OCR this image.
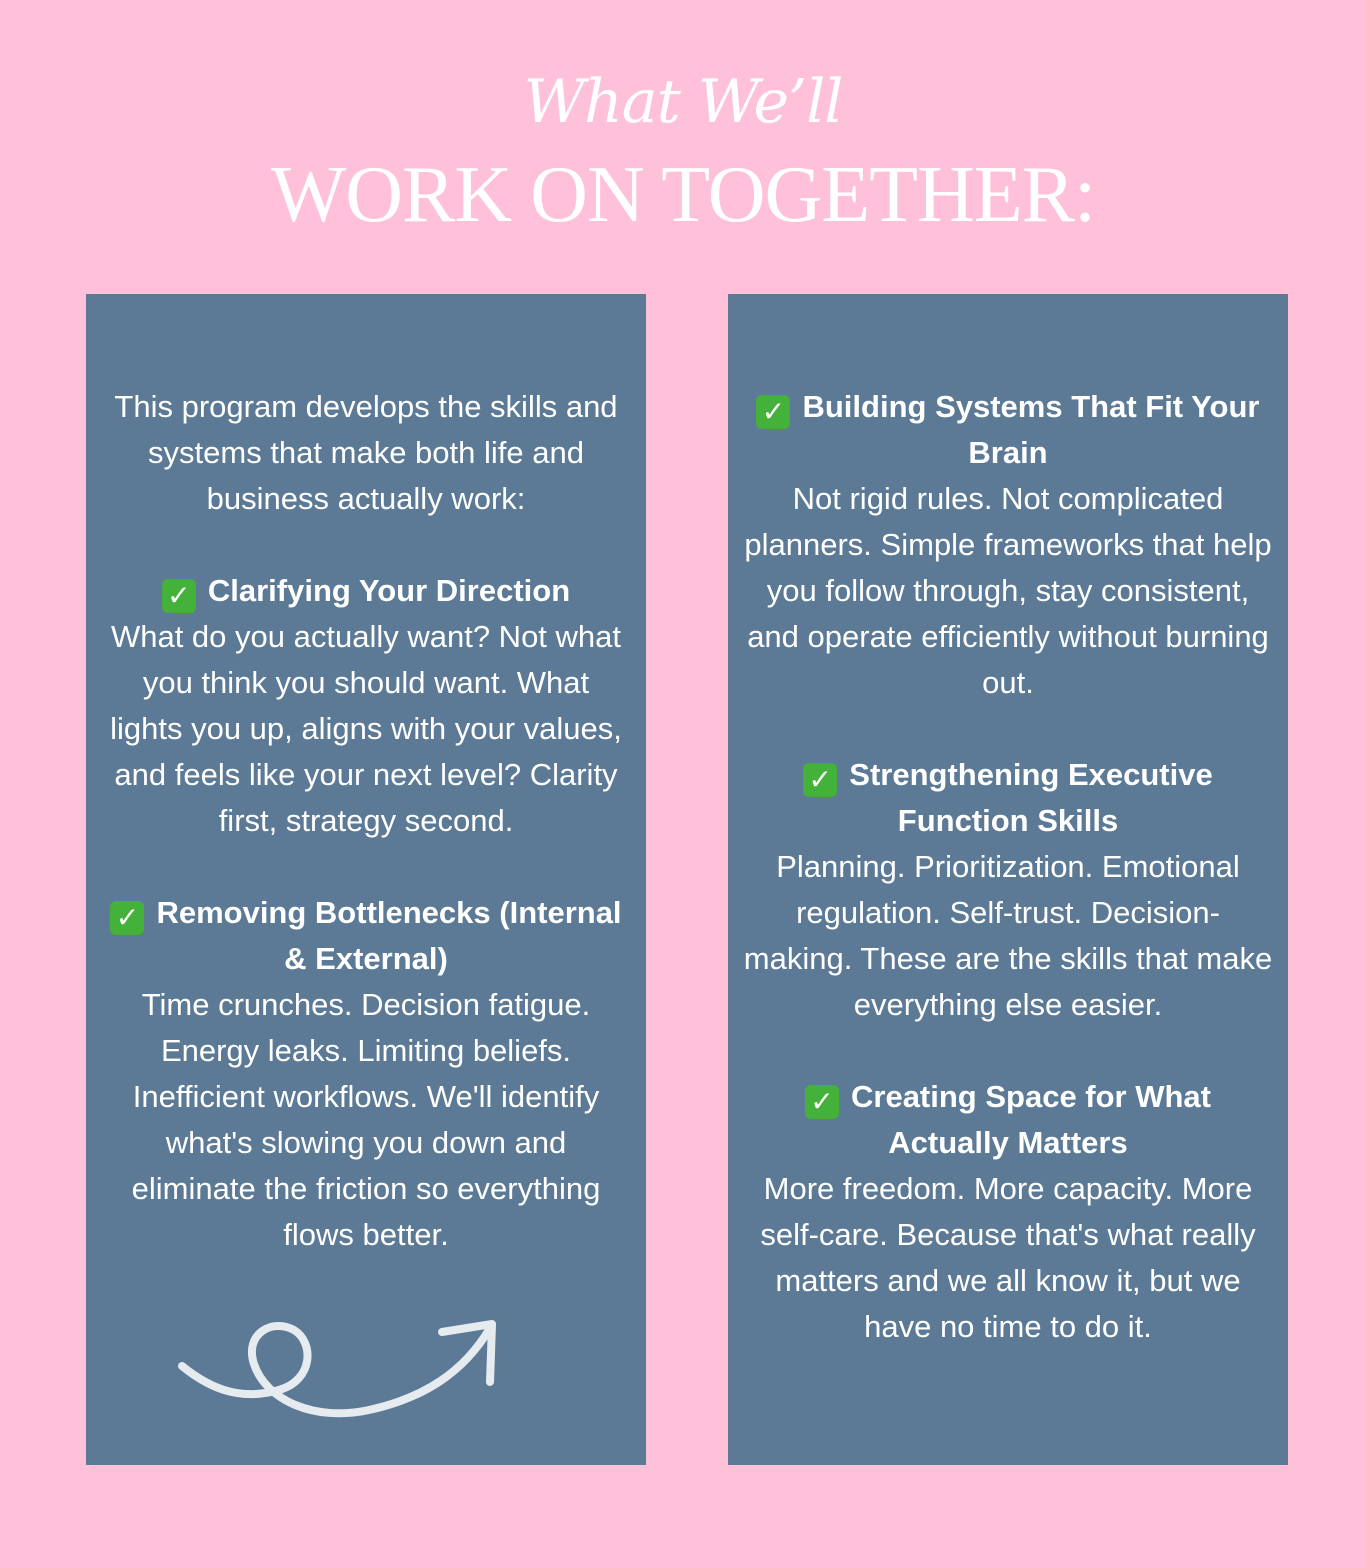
What We’ll
WORK ON TOGETHER:
This program develops the skills and systems that make both life and business actually work:
✓ Clarifying Your Direction
What do you actually want? Not what you think you should want. What lights you up, aligns with your values, and feels like your next level? Clarity first, strategy second.
✓ Removing Bottlenecks (Internal & External)
Time crunches. Decision fatigue. Energy leaks. Limiting beliefs. Inefficient workflows. We'll identify what's slowing you down and eliminate the friction so everything flows better.
✓ Building Systems That Fit Your Brain
Not rigid rules. Not complicated planners. Simple frameworks that help you follow through, stay consistent, and operate efficiently without burning out.
✓ Strengthening Executive Function Skills
Planning. Prioritization. Emotional regulation. Self-trust. Decision-making. These are the skills that make everything else easier.
✓ Creating Space for What Actually Matters
More freedom. More capacity. More self-care. Because that's what really matters and we all know it, but we have no time to do it.
